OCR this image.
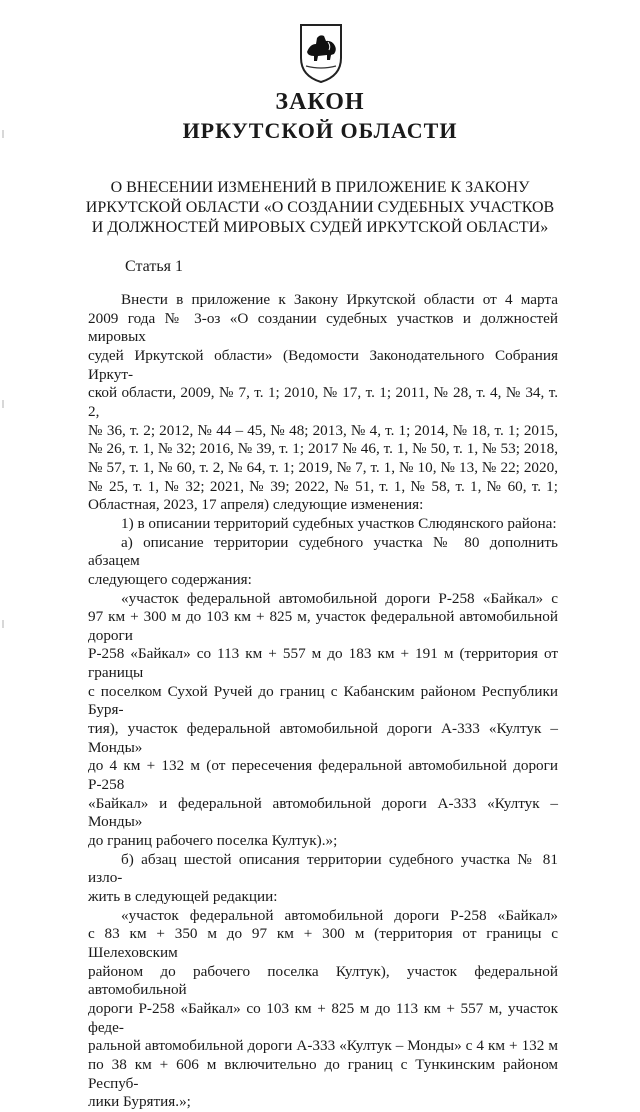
ЗАКОН
ИРКУТСКОЙ ОБЛАСТИ
О ВНЕСЕНИИ ИЗМЕНЕНИЙ В ПРИЛОЖЕНИЕ К ЗАКОНУ
ИРКУТСКОЙ ОБЛАСТИ «О СОЗДАНИИ СУДЕБНЫХ УЧАСТКОВ
И ДОЛЖНОСТЕЙ МИРОВЫХ СУДЕЙ ИРКУТСКОЙ ОБЛАСТИ»
Статья 1

Внести в приложение к Закону Иркутской области от 4 марта

2009 года № 3-оз «О создании судебных участков и должностей мировых

судей Иркутской области» (Ведомости Законодательного Собрания Иркут-

ской области, 2009, № 7, т. 1; 2010, № 17, т. 1; 2011, № 28, т. 4, № 34, т. 2,

№ 36, т. 2; 2012, № 44 – 45, № 48; 2013, № 4, т. 1; 2014, № 18, т. 1; 2015,

№ 26, т. 1, № 32; 2016, № 39, т. 1; 2017 № 46, т. 1, № 50, т. 1, № 53; 2018,

№ 57, т. 1, № 60, т. 2, № 64, т. 1; 2019, № 7, т. 1, № 10, № 13, № 22; 2020,

№ 25, т. 1, № 32; 2021, № 39; 2022, № 51, т. 1, № 58, т. 1, № 60, т. 1; Областная, 2023, 17 апреля) следующие изменения:

1) в описании территорий судебных участков Слюдянского района:

а) описание территории судебного участка № 80 дополнить абзацем

следующего содержания:

«участок федеральной автомобильной дороги Р-258 «Байкал» с

97 км + 300 м до 103 км + 825 м, участок федеральной автомобильной дороги

Р-258 «Байкал» со 113 км + 557 м до 183 км + 191 м (территория от границы

с поселком Сухой Ручей до границ с Кабанским районом Республики Буря-

тия), участок федеральной автомобильной дороги А-333 «Култук – Монды»

до 4 км + 132 м (от пересечения федеральной автомобильной дороги Р-258

«Байкал» и федеральной автомобильной дороги А-333 «Култук – Монды»

до границ рабочего поселка Култук).»;

б) абзац шестой описания территории судебного участка № 81 изло-

жить в следующей редакции:

«участок федеральной автомобильной дороги Р-258 «Байкал»

с 83 км + 350 м до 97 км + 300 м (территория от границы с Шелеховским

районом до рабочего поселка Култук), участок федеральной автомобильной

дороги Р-258 «Байкал» со 103 км + 825 м до 113 км + 557 м, участок феде-

ральной автомобильной дороги А-333 «Култук – Монды» с 4 км + 132 м

по 38 км + 606 м включительно до границ с Тункинским районом Респуб-

лики Бурятия.»;
